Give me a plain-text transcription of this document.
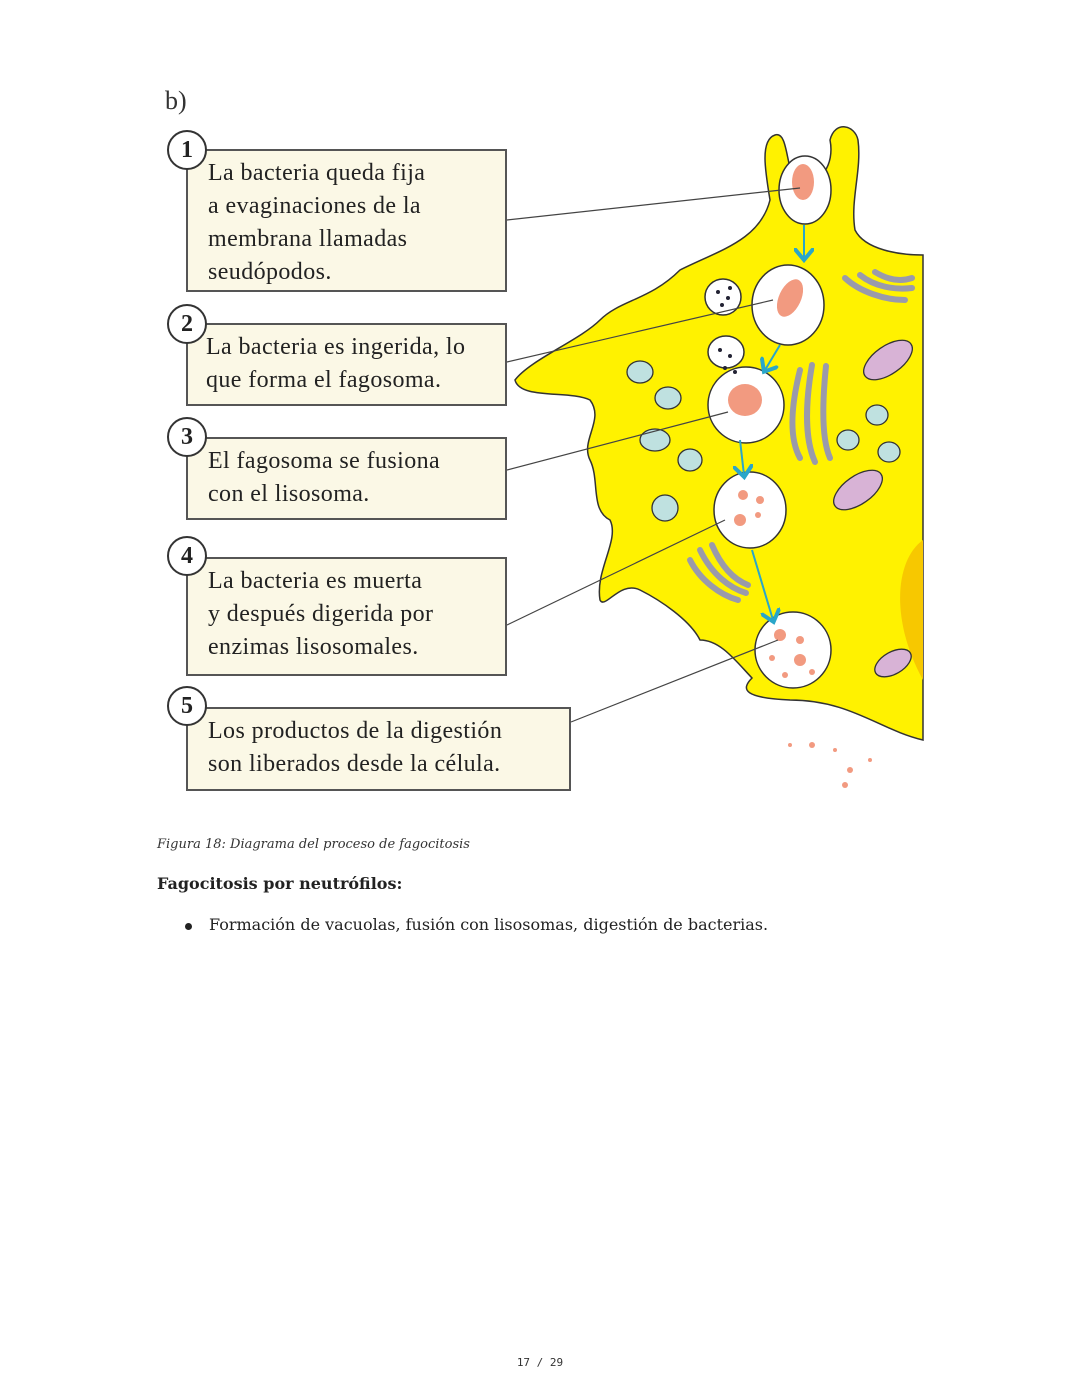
b)
La bacteria queda fija
a evaginaciones de la
membrana llamadas
seudópodos.
La bacteria es ingerida, lo
que forma el fagosoma.
El fagosoma se fusiona
con el lisosoma.
La bacteria es muerta
y después digerida por
enzimas lisosomales.
Los productos de la digestión
son liberados desde la célula.
1
2
3
4
5
Figura 18: Diagrama del proceso de fagocitosis
Fagocitosis por neutrófilos:
Formación de vacuolas, fusión con lisosomas, digestión de bacterias.
17 / 29
